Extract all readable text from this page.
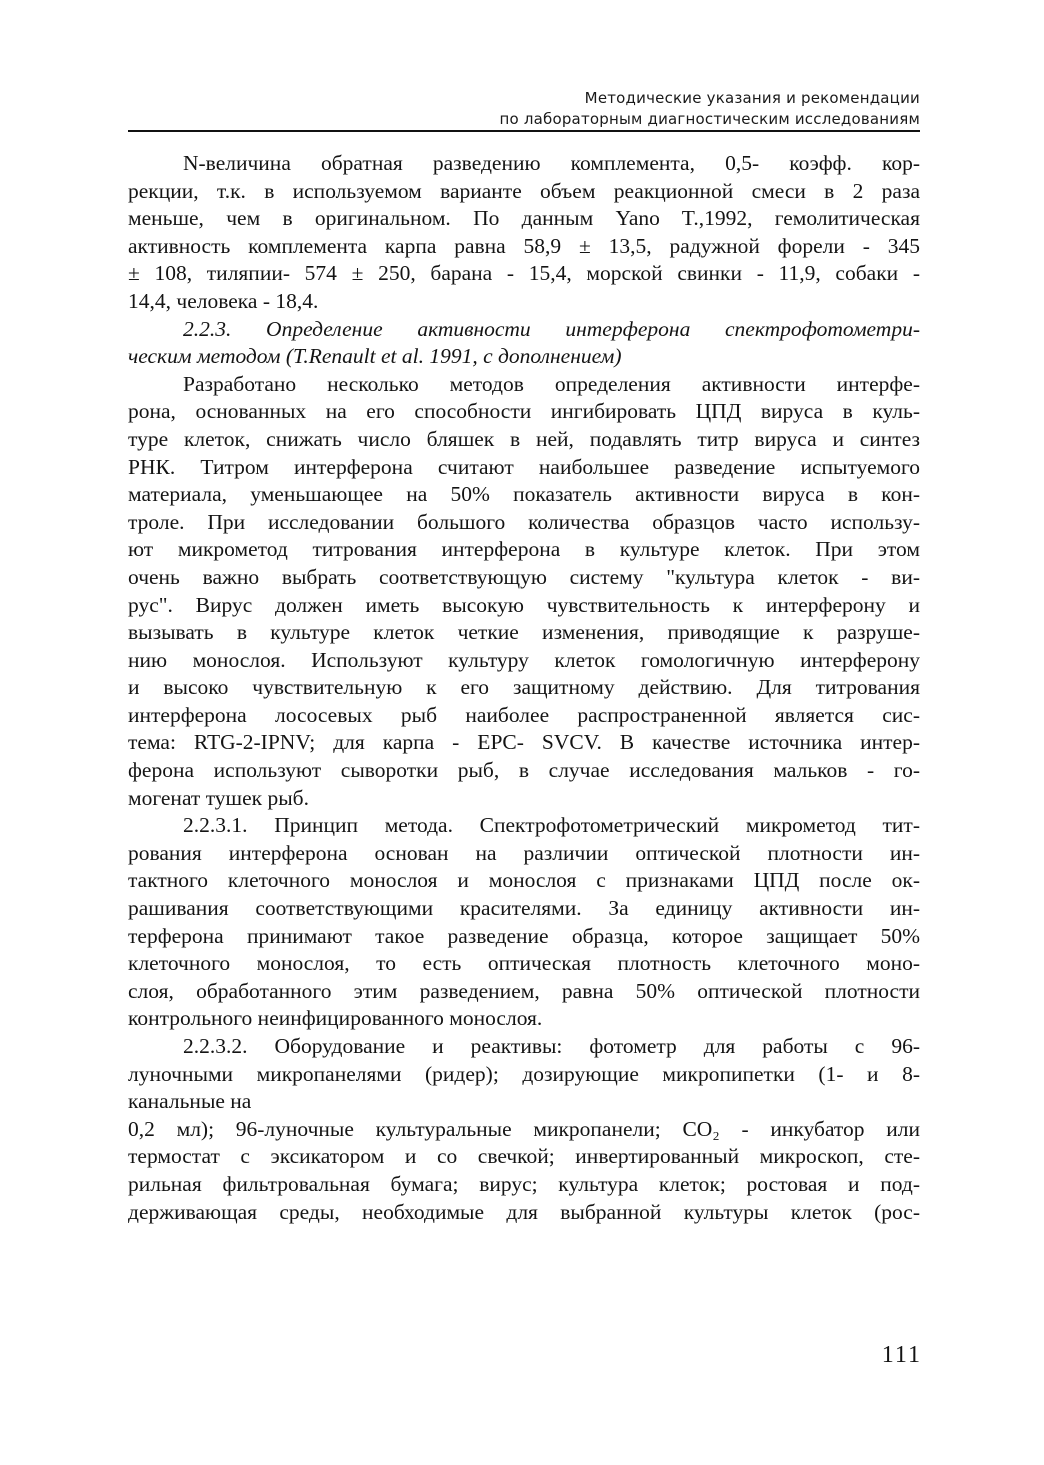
Методические указания и рекомендации
по лабораторным диагностическим исследованиям
N-величина обратная разведению комплемента, 0,5- коэфф. кор-
рекции, т.к. в используемом варианте объем реакционной смеси в 2 раза
меньше, чем в оригинальном. По данным Yano T.,1992, гемолитическая
активность комплемента карпа равна 58,9 ± 13,5, радужной форели - 345
± 108, тиляпии- 574 ± 250, барана - 15,4, морской свинки - 11,9, собаки -
14,4, человека - 18,4.
2.2.3. Определение активности интерферона спектрофотометри-
ческим методом (T.Renault et al. 1991, с дополнением)
Разработано несколько методов определения активности интерфе-
рона, основанных на его способности ингибировать ЦПД вируса в куль-
туре клеток, снижать число бляшек в ней, подавлять титр вируса и синтез
РНК. Титром интерферона считают наибольшее разведение испытуемого
материала, уменьшающее на 50% показатель активности вируса в кон-
троле. При исследовании большого количества образцов часто использу-
ют микрометод титрования интерферона в культуре клеток. При этом
очень важно выбрать соответствующую систему "культура клеток - ви-
рус". Вирус должен иметь высокую чувствительность к интерферону и
вызывать в культуре клеток четкие изменения, приводящие к разруше-
нию монослоя. Используют культуру клеток гомологичную интерферону
и высоко чувствительную к его защитному действию. Для титрования
интерферона лососевых рыб наиболее распространенной является сис-
тема: RTG-2-IPNV; для карпа - EPC- SVCV. В качестве источника интер-
ферона используют сыворотки рыб, в случае исследования мальков - го-
могенат тушек рыб.
2.2.3.1. Принцип метода. Спектрофотометрический микрометод тит-
рования интерферона основан на различии оптической плотности ин-
тактного клеточного монослоя и монослоя с признаками ЦПД после ок-
рашивания соответствующими красителями. За единицу активности ин-
терферона принимают такое разведение образца, которое защищает 50%
клеточного монослоя, то есть оптическая плотность клеточного моно-
слоя, обработанного этим разведением, равна 50% оптической плотности
контрольного неинфицированного монослоя.
2.2.3.2. Оборудование и реактивы: фотометр для работы с 96-
луночными микропанелями (ридер); дозирующие микропипетки (1- и 8-
канальные на
0,2 мл); 96-луночные культуральные микропанели; CO₂ - инкубатор или
термостат с эксикатором и со свечкой; инвертированный микроскоп, сте-
рильная фильтровальная бумага; вирус; культура клеток; ростовая и под-
держивающая среды, необходимые для выбранной культуры клеток (рос-
111
